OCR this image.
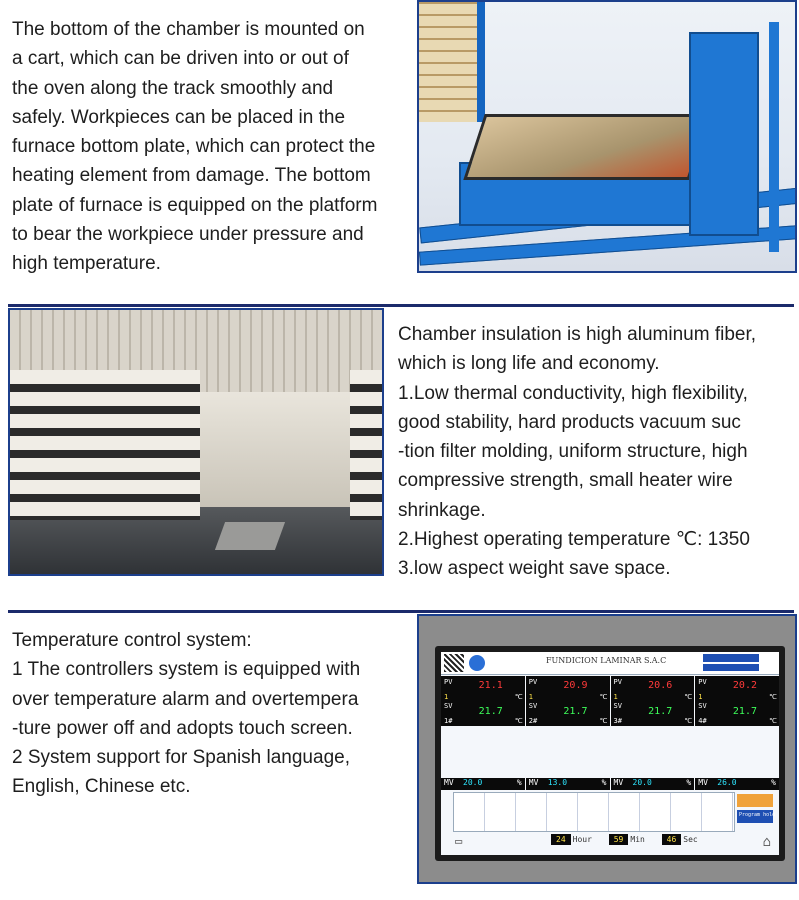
The bottom of the chamber is mounted on
a cart, which can be driven into or out of
the oven along the track smoothly and
safely. Workpieces can be placed in the
furnace bottom plate, which can protect the
heating element from damage. The bottom
plate of furnace is equipped on the platform
to bear the workpiece under pressure and
high temperature.
Chamber insulation is high aluminum fiber,
which is long life and economy.
1.Low thermal conductivity, high flexibility,
good stability, hard products vacuum suc
-tion filter molding, uniform structure, high
compressive strength, small heater wire
shrinkage.
2.Highest operating temperature ℃: 1350
3.low aspect weight save space.
Temperature control system:
1 The controllers system is equipped with
over temperature alarm and overtempera
-ture power off and adopts touch screen.
2 System support for Spanish language,
English, Chinese etc.
FUNDICION LAMINAR S.A.C
PV	21.1
1	℃
SV	21.7
1#	℃
PV	20.9
1	℃
SV	21.7
2#	℃
PV	20.6
1	℃
SV	21.7
3#	℃
PV	20.2
1	℃
SV	21.7
4#	℃
MV 20.0	% MV 13.0	% MV 20.0	% MV 26.0	%
Program hold
▭	24 Hour	59 Min	46 Sec	⌂
